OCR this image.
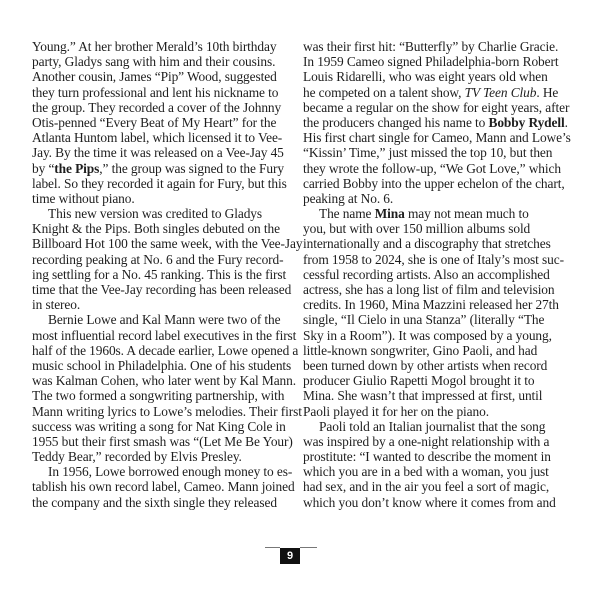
Young.” At her brother Merald’s 10th birthday
party, Gladys sang with him and their cousins.
Another cousin, James “Pip” Wood, suggested
they turn professional and lent his nickname to
the group. They recorded a cover of the Johnny
Otis-penned “Every Beat of My Heart” for the
Atlanta Huntom label, which licensed it to Vee-
Jay. By the time it was released on a Vee-Jay 45
by “the Pips,” the group was signed to the Fury
label. So they recorded it again for Fury, but this
time without piano.
This new version was credited to Gladys
Knight & the Pips. Both singles debuted on the
Billboard Hot 100 the same week, with the Vee-Jay
recording peaking at No. 6 and the Fury record-
ing settling for a No. 45 ranking. This is the first
time that the Vee-Jay recording has been released
in stereo.
Bernie Lowe and Kal Mann were two of the
most influential record label executives in the first
half of the 1960s. A decade earlier, Lowe opened a
music school in Philadelphia. One of his students
was Kalman Cohen, who later went by Kal Mann.
The two formed a songwriting partnership, with
Mann writing lyrics to Lowe’s melodies. Their first
success was writing a song for Nat King Cole in
1955 but their first smash was “(Let Me Be Your)
Teddy Bear,” recorded by Elvis Presley.
In 1956, Lowe borrowed enough money to es-
tablish his own record label, Cameo. Mann joined
the company and the sixth single they released
was their first hit: “Butterfly” by Charlie Gracie.
In 1959 Cameo signed Philadelphia-born Robert
Louis Ridarelli, who was eight years old when
he competed on a talent show, TV Teen Club. He
became a regular on the show for eight years, after
the producers changed his name to Bobby Rydell.
His first chart single for Cameo, Mann and Lowe’s
“Kissin’ Time,” just missed the top 10, but then
they wrote the follow-up, “We Got Love,” which
carried Bobby into the upper echelon of the chart,
peaking at No. 6.
The name Mina may not mean much to
you, but with over 150 million albums sold
internationally and a discography that stretches
from 1958 to 2024, she is one of Italy’s most suc-
cessful recording artists. Also an accomplished
actress, she has a long list of film and television
credits. In 1960, Mina Mazzini released her 27th
single, “Il Cielo in una Stanza” (literally “The
Sky in a Room”). It was composed by a young,
little-known songwriter, Gino Paoli, and had
been turned down by other artists when record
producer Giulio Rapetti Mogol brought it to
Mina. She wasn’t that impressed at first, until
Paoli played it for her on the piano.
Paoli told an Italian journalist that the song
was inspired by a one-night relationship with a
prostitute: “I wanted to describe the moment in
which you are in a bed with a woman, you just
had sex, and in the air you feel a sort of magic,
which you don’t know where it comes from and
9
